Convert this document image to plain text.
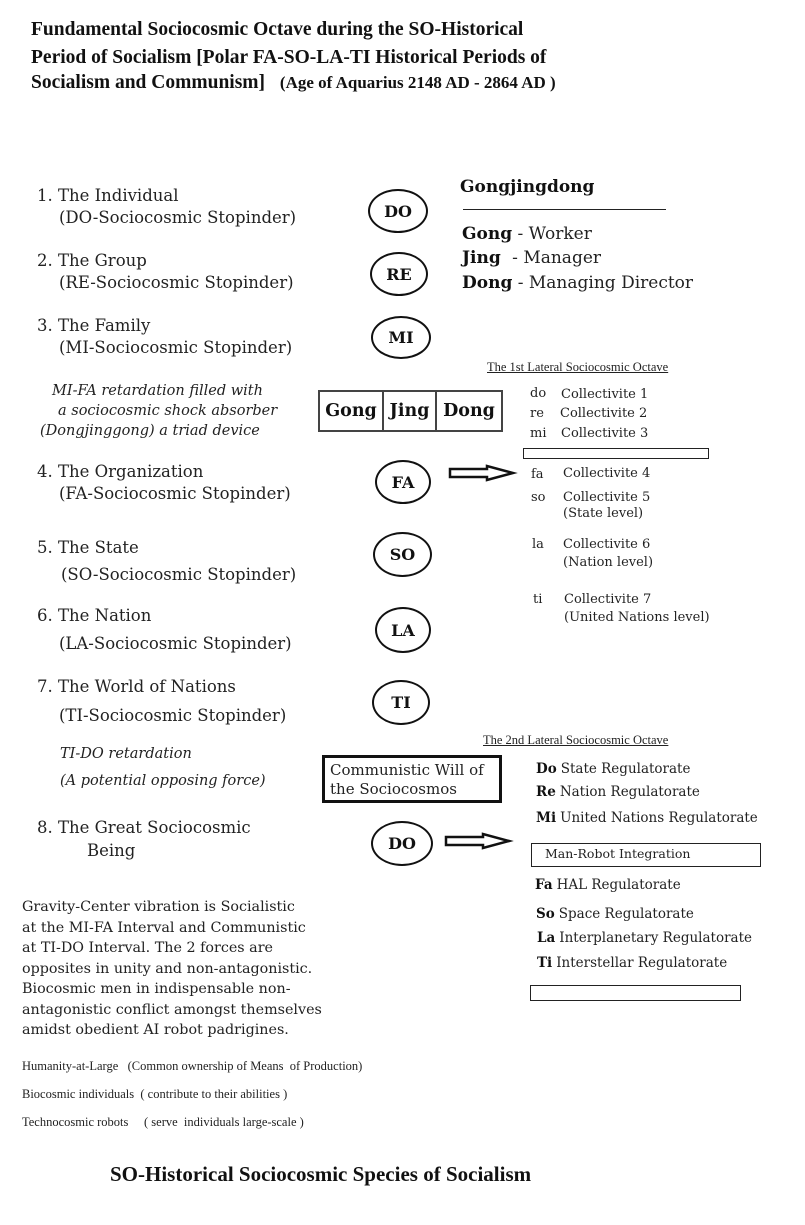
Fundamental Sociocosmic Octave during the SO-Historical
Period of Socialism [Polar FA-SO-LA-TI Historical Periods of
Socialism and Communism] (Age of Aquarius 2148 AD - 2864 AD )
1. The Individual
(DO-Sociocosmic Stopinder)	DO
2. The Group
(RE-Sociocosmic Stopinder)	RE
3. The Family
(MI-Sociocosmic Stopinder)
MI
MI-FA retardation filled with
a sociocosmic shock absorber
(Dongjinggong) a triad device
Gong Jing Dong
4. The Organization
(FA-Sociocosmic Stopinder)
FA
5. The State
(SO-Sociocosmic Stopinder)
SO
6. The Nation
(LA-Sociocosmic Stopinder)
LA
7. The World of Nations
(TI-Sociocosmic Stopinder)
TI
TI-DO retardation
(A potential opposing force)
Communistic Will of
the Sociocosmos
8. The Great Sociocosmic
Being	DO
Gongjingdong
Gong - Worker
Jing - Manager
Dong - Managing Director
The 1st Lateral Sociocosmic Octave
do Collectivite 1
re Collectivite 2
mi Collectivite 3
fa Collectivite 4
so Collectivite 5
(State level)
la Collectivite 6
(Nation level)
ti Collectivite 7
(United Nations level)
The 2nd Lateral Sociocosmic Octave
Do State Regulatorate
Re Nation Regulatorate
Mi United Nations Regulatorate
Man-Robot Integration
Fa HAL Regulatorate
So Space Regulatorate
La Interplanetary Regulatorate
Ti Interstellar Regulatorate
Gravity-Center vibration is Socialistic
at the MI-FA Interval and Communistic
at TI-DO Interval. The 2 forces are
opposites in unity and non-antagonistic.
Biocosmic men in indispensable non-
antagonistic conflict amongst themselves
amidst obedient AI robot padrigines.
Humanity-at-Large   (Common ownership of Means  of Production)
Biocosmic individuals  ( contribute to their abilities )
Technocosmic robots     ( serve  individuals large-scale )
SO-Historical Sociocosmic Species of Socialism
